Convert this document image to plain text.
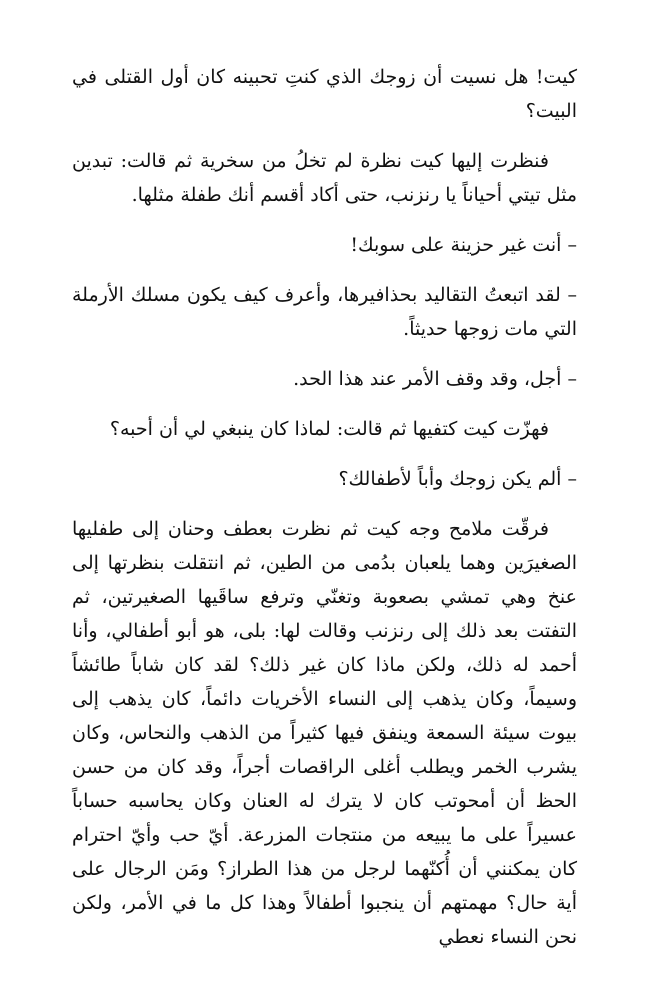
كيت! هل نسيت أن زوجك الذي كنتِ تحبينه كان أول القتلى في البيت؟

فنظرت إليها كيت نظرة لم تخلُ من سخرية ثم قالت: تبدين مثل تيتي أحياناً يا رنزنب، حتى أكاد أقسم أنك طفلة مثلها.

– أنت غير حزينة على سوبك!

– لقد اتبعتُ التقاليد بحذافيرها، وأعرف كيف يكون مسلك الأرملة التي مات زوجها حديثاً.

– أجل، وقد وقف الأمر عند هذا الحد.

فهزّت كيت كتفيها ثم قالت: لماذا كان ينبغي لي أن أحبه؟

– ألم يكن زوجك وأباً لأطفالك؟

فرقّت ملامح وجه كيت ثم نظرت بعطف وحنان إلى طفليها الصغيرَين وهما يلعبان بدُمى من الطين، ثم انتقلت بنظرتها إلى عنخ وهي تمشي بصعوبة وتغنّي وترفع ساقَيها الصغيرتين، ثم التفتت بعد ذلك إلى رنزنب وقالت لها: بلى، هو أبو أطفالي، وأنا أحمد له ذلك، ولكن ماذا كان غير ذلك؟ لقد كان شاباً طائشاً وسيماً، وكان يذهب إلى النساء الأخريات دائماً، كان يذهب إلى بيوت سيئة السمعة وينفق فيها كثيراً من الذهب والنحاس، وكان يشرب الخمر ويطلب أغلى الراقصات أجراً، وقد كان من حسن الحظ أن أمحوتب كان لا يترك له العنان وكان يحاسبه حساباً عسيراً على ما يبيعه من منتجات المزرعة. أيّ حب وأيّ احترام كان يمكنني أن أُكنّهما لرجل من هذا الطراز؟ ومَن الرجال على أية حال؟ مهمتهم أن ينجبوا أطفالاً وهذا كل ما في الأمر، ولكن نحن النساء نعطي
